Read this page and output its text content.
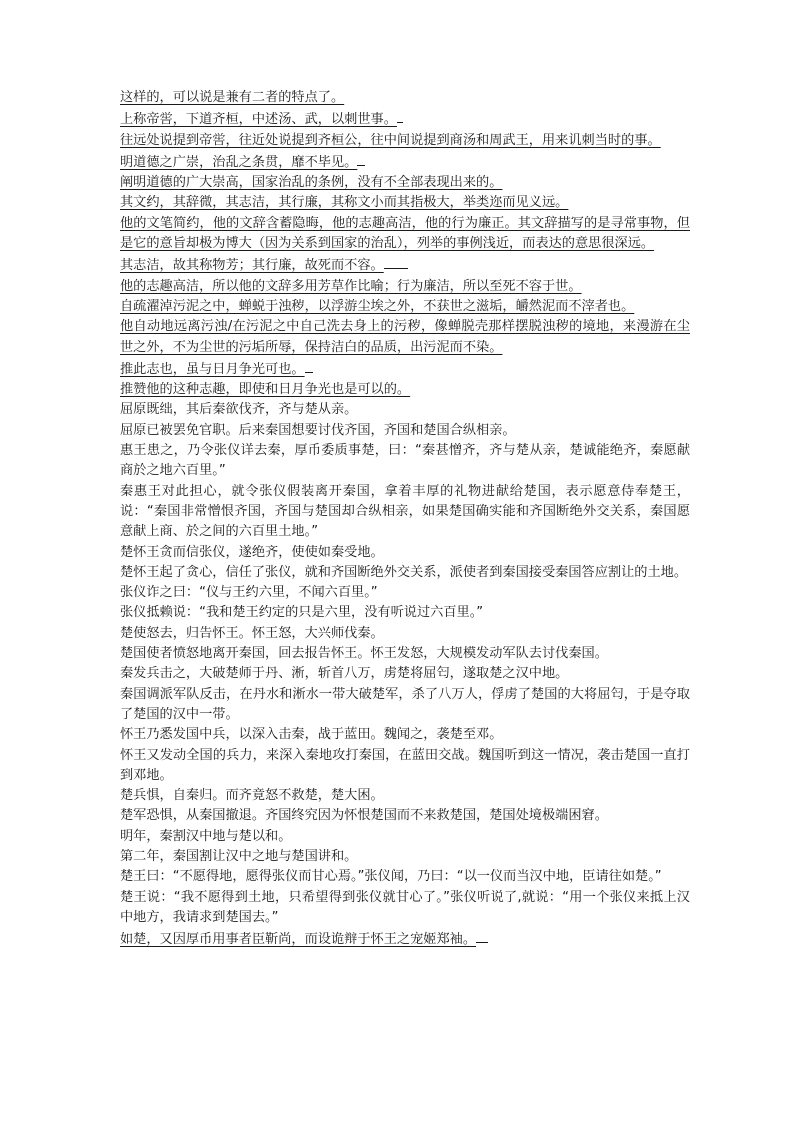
这样的，可以说是兼有二者的特点了。

上称帝喾，下道齐桓，中述汤、武，以刺世事。

往远处说提到帝喾，往近处说提到齐桓公，往中间说提到商汤和周武王，用来讥刺当时的事。

明道德之广崇，治乱之条贯，靡不毕见。

阐明道德的广大崇高，国家治乱的条例，没有不全部表现出来的。

其文约，其辞微，其志洁，其行廉，其称文小而其指极大，举类迩而见义远。

他的文笔简约，他的文辞含蓄隐晦，他的志趣高洁，他的行为廉正。其文辞描写的是寻常事物，但是它的意旨却极为博大（因为关系到国家的治乱），列举的事例浅近，而表达的意思很深远。

其志洁，故其称物芳；其行廉，故死而不容。

他的志趣高洁，所以他的文辞多用芳草作比喻；行为廉洁，所以至死不容于世。

自疏濯淖污泥之中，蝉蜕于浊秽，以浮游尘埃之外，不获世之滋垢，皭然泥而不滓者也。

他自动地远离污浊/在污泥之中自己洗去身上的污秽，像蝉脱壳那样摆脱浊秽的境地，来漫游在尘世之外，不为尘世的污垢所辱，保持洁白的品质，出污泥而不染。

推此志也，虽与日月争光可也。

推赞他的这种志趣，即使和日月争光也是可以的。

屈原既绌，其后秦欲伐齐，齐与楚从亲。

屈原已被罢免官职。后来秦国想要讨伐齐国，齐国和楚国合纵相亲。

惠王患之，乃令张仪详去秦，厚币委质事楚，曰：“秦甚憎齐，齐与楚从亲，楚诚能绝齐，秦愿献商於之地六百里。”

秦惠王对此担心，就令张仪假装离开秦国，拿着丰厚的礼物进献给楚国，表示愿意侍奉楚王，说：“秦国非常憎恨齐国，齐国与楚国却合纵相亲，如果楚国确实能和齐国断绝外交关系，秦国愿意献上商、於之间的六百里土地。”

楚怀王贪而信张仪，遂绝齐，使使如秦受地。

楚怀王起了贪心，信任了张仪，就和齐国断绝外交关系，派使者到秦国接受秦国答应割让的土地。

张仪诈之曰：“仪与王约六里，不闻六百里。”

张仪抵赖说：“我和楚王约定的只是六里，没有听说过六百里。”

楚使怒去，归告怀王。怀王怒，大兴师伐秦。

楚国使者愤怒地离开秦国，回去报告怀王。怀王发怒，大规模发动军队去讨伐秦国。

秦发兵击之，大破楚师于丹、淅，斩首八万，虏楚将屈匄，遂取楚之汉中地。

秦国调派军队反击，在丹水和淅水一带大破楚军，杀了八万人，俘虏了楚国的大将屈匄，于是夺取了楚国的汉中一带。

怀王乃悉发国中兵，以深入击秦，战于蓝田。魏闻之，袭楚至邓。

怀王又发动全国的兵力，来深入秦地攻打秦国，在蓝田交战。魏国听到这一情况，袭击楚国一直打到邓地。

楚兵惧，自秦归。而齐竟怒不救楚，楚大困。

楚军恐惧，从秦国撤退。齐国终究因为怀恨楚国而不来救楚国，楚国处境极端困窘。

明年，秦割汉中地与楚以和。

第二年，秦国割让汉中之地与楚国讲和。

楚王曰：“不愿得地，愿得张仪而甘心焉。”张仪闻，乃曰：“以一仪而当汉中地，臣请往如楚。”

楚王说：“我不愿得到土地，只希望得到张仪就甘心了。”张仪听说了,就说：“用一个张仪来抵上汉中地方，我请求到楚国去。”

如楚，又因厚币用事者臣靳尚，而设诡辩于怀王之宠姬郑袖。
